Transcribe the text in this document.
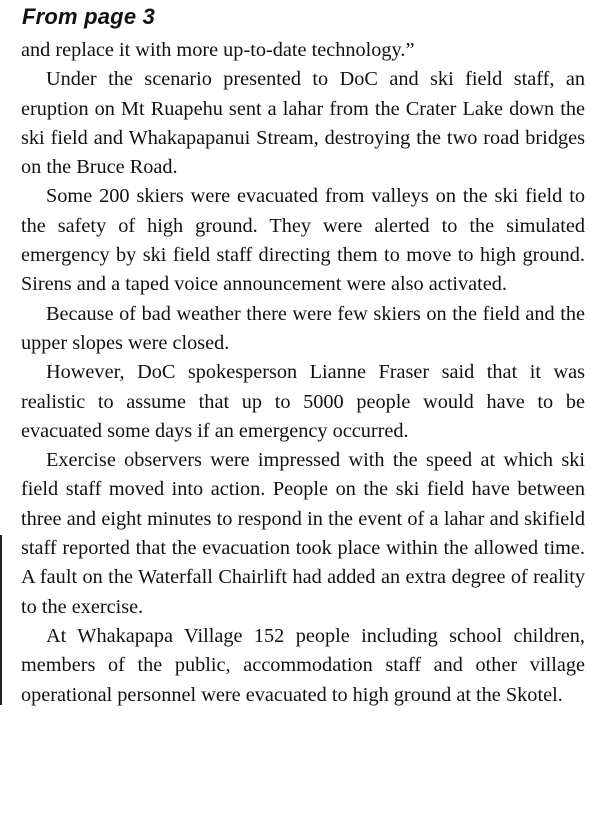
From page 3

and replace it with more up-to-date technology.”

Under the scenario presented to DoC and ski field staff, an eruption on Mt Ruapehu sent a lahar from the Crater Lake down the ski field and Whakapapanui Stream, destroying the two road bridges on the Bruce Road.

Some 200 skiers were evacuated from valleys on the ski field to the safety of high ground. They were alerted to the simulated emergency by ski field staff directing them to move to high ground. Sirens and a taped voice announcement were also activated.

Because of bad weather there were few skiers on the field and the upper slopes were closed.

However, DoC spokesperson Lianne Fraser said that it was realistic to assume that up to 5000 people would have to be evacuated some days if an emergency occurred.

Exercise observers were impressed with the speed at which ski field staff moved into action. People on the ski field have between three and eight minutes to respond in the event of a lahar and skifield staff reported that the evacuation took place within the allowed time. A fault on the Waterfall Chairlift had added an extra degree of reality to the exercise.

At Whakapapa Village 152 people including school children, members of the public, accommodation staff and other village operational personnel were evacuated to high ground at the Skotel.
